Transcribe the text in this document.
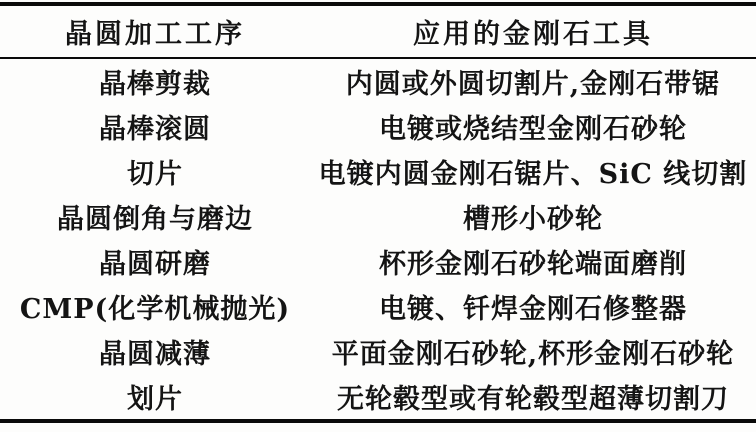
晶圆加工工序	应用的金刚石工具
晶棒剪裁	内圆或外圆切割片,金刚石带锯
晶棒滚圆	电镀或烧结型金刚石砂轮
切片	电镀内圆金刚石锯片、SiC 线切割
晶圆倒角与磨边	槽形小砂轮
晶圆研磨	杯形金刚石砂轮端面磨削
CMP(化学机械抛光)	电镀、钎焊金刚石修整器
晶圆减薄	平面金刚石砂轮,杯形金刚石砂轮
划片	无轮毂型或有轮毂型超薄切割刀
